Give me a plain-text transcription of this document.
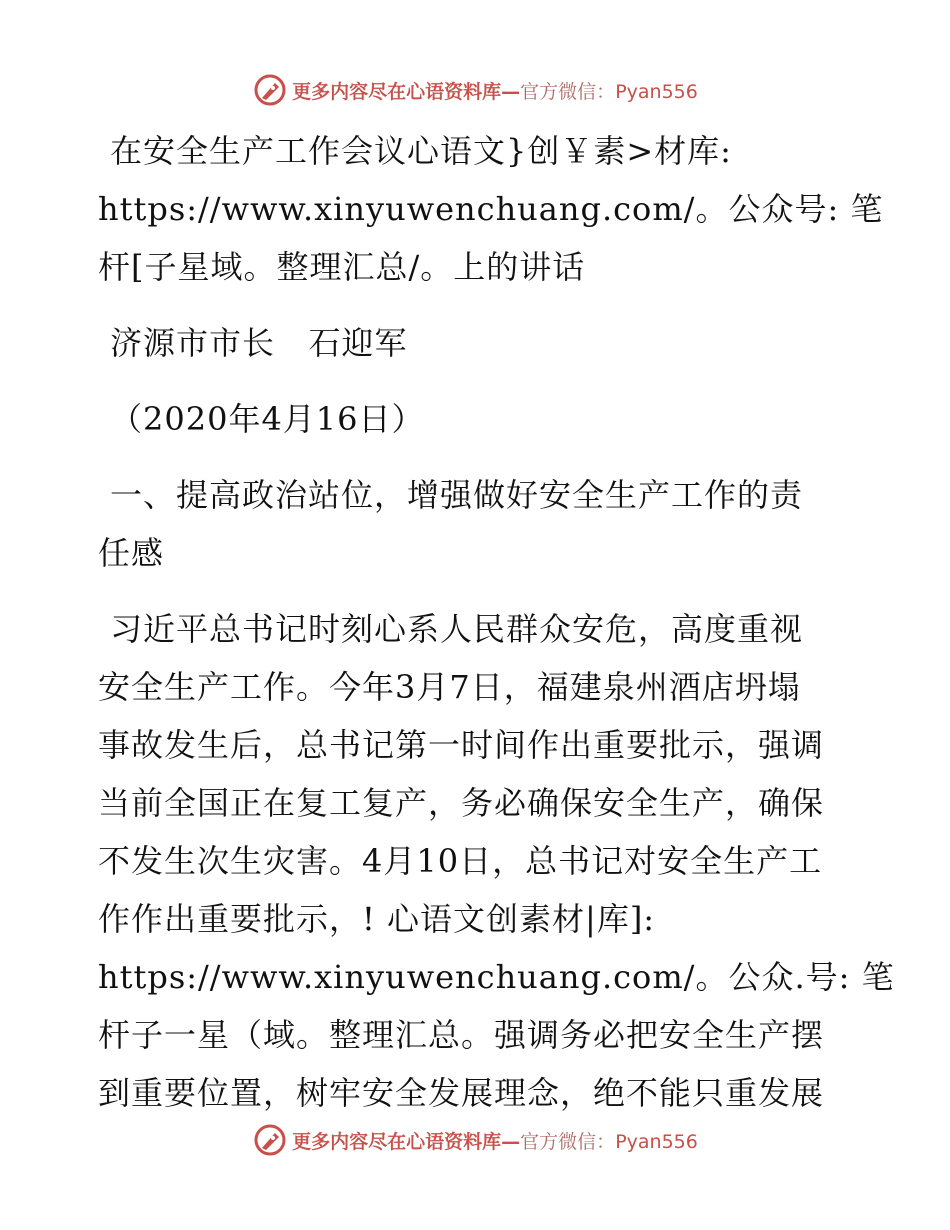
更多内容尽在心语资料库—官方微信：Pyan556
在安全生产工作会议心语文}创￥素>材库:
https://www.xinyuwenchuang.com/。公众号: 笔
杆[子星域。整理汇总/。上的讲话
济源市市长   石迎军
（2020年4月16日）
一、提高政治站位，增强做好安全生产工作的责
任感
习近平总书记时刻心系人民群众安危，高度重视
安全生产工作。今年3月7日，福建泉州酒店坍塌
事故发生后，总书记第一时间作出重要批示，强调
当前全国正在复工复产，务必确保安全生产，确保
不发生次生灾害。4月10日，总书记对安全生产工
作作出重要批示，! 心语文创素材|库]:
https://www.xinyuwenchuang.com/。公众.号: 笔
杆子一星（域。整理汇总。强调务必把安全生产摆
到重要位置，树牢安全发展理念，绝不能只重发展
更多内容尽在心语资料库—官方微信：Pyan556
